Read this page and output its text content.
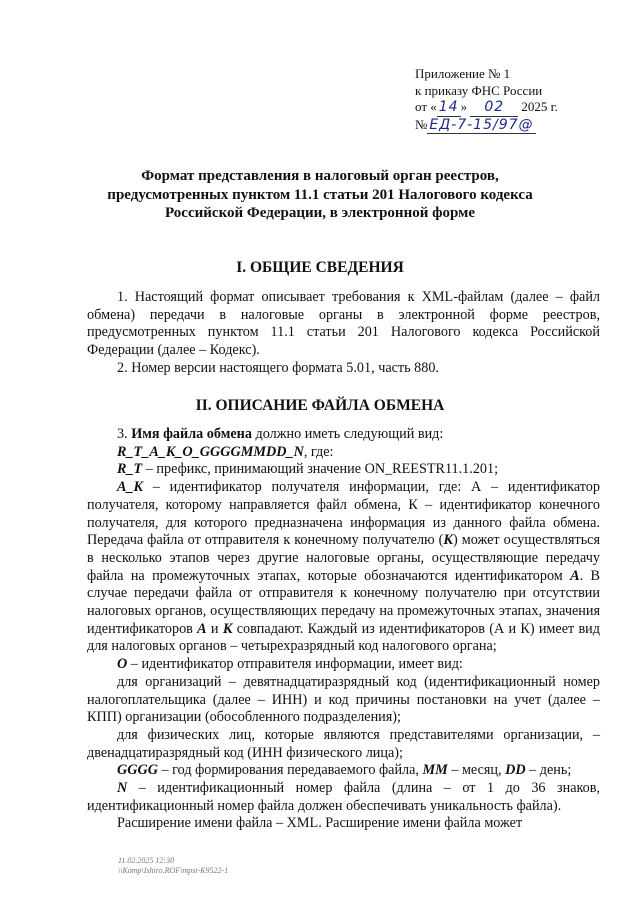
Приложение № 1
к приказу ФНС России
от « 14 » 02 2025 г.
№ ЕД-7-15/97@
Формат представления в налоговый орган реестров,
предусмотренных пунктом 11.1 статьи 201 Налогового кодекса
Российской Федерации, в электронной форме
I. ОБЩИЕ СВЕДЕНИЯ

1. Настоящий формат описывает требования к XML-файлам (далее – файл обмена) передачи в налоговые органы в электронной форме реестров, предусмотренных пунктом 11.1 статьи 201 Налогового кодекса Российской Федерации (далее – Кодекс).

2. Номер версии настоящего формата 5.01, часть 880.

II. ОПИСАНИЕ ФАЙЛА ОБМЕНА

3. Имя файла обмена должно иметь следующий вид:

R_T_A_K_O_GGGGMMDD_N, где:

R_T – префикс, принимающий значение ON_REESTR11.1.201;

A_K – идентификатор получателя информации, где: А – идентификатор получателя, которому направляется файл обмена, К – идентификатор конечного получателя, для которого предназначена информация из данного файла обмена. Передача файла от отправителя к конечному получателю (К) может осуществляться в несколько этапов через другие налоговые органы, осуществляющие передачу файла на промежуточных этапах, которые обозначаются идентификатором А. В случае передачи файла от отправителя к конечному получателю при отсутствии налоговых органов, осуществляющих передачу на промежуточных этапах, значения идентификаторов А и К совпадают. Каждый из идентификаторов (А и К) имеет вид для налоговых органов – четырехразрядный код налогового органа;

O – идентификатор отправителя информации, имеет вид:

для организаций – девятнадцатиразрядный код (идентификационный номер налогоплательщика (далее – ИНН) и код причины постановки на учет (далее – КПП) организации (обособленного подразделения);

для физических лиц, которые являются представителями организации, – двенадцатиразрядный код (ИНН физического лица);

GGGG – год формирования передаваемого файла, MM – месяц, DD – день;

N – идентификационный номер файла (длина – от 1 до 36 знаков, идентификационный номер файла должен обеспечивать уникальность файла).

Расширение имени файла – XML. Расширение имени файла может

11.02.2025 12:30
\\Komp\Ishiro.ROF\mpst-K9522-1
